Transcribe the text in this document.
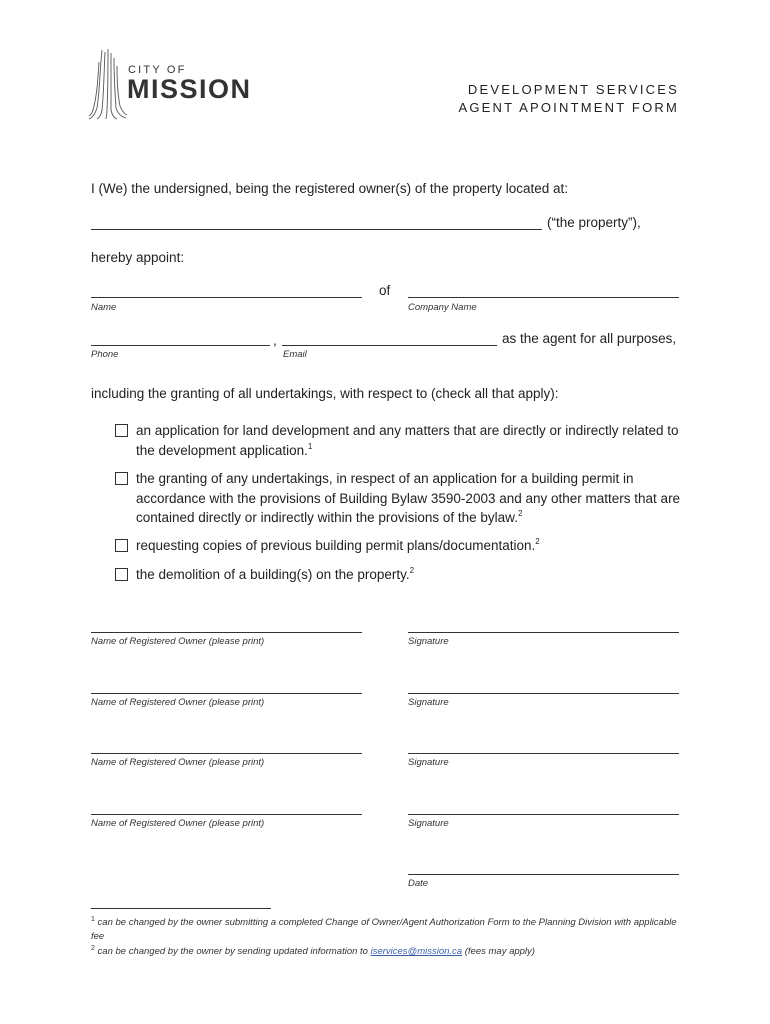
CITY OF
MISSION	DEVELOPMENT SERVICES
AGENT APOINTMENT FORM
I (We) the undersigned, being the registered owner(s) of the property located at:
(“the property”),
hereby appoint:
of
Name	Company Name
,	as the agent for all purposes,
Phone	Email
including the granting of all undertakings, with respect to (check all that apply):
an application for land development and any matters that are directly or indirectly related to the development application.$^1$
the granting of any undertakings, in respect of an application for a building permit in accordance with the provisions of Building Bylaw 3590-2003 and any other matters that are contained directly or indirectly within the provisions of the bylaw.$^2$
requesting copies of previous building permit plans/documentation.$^2$
the demolition of a building(s) on the property.$^2$
Name of Registered Owner (please print)	Signature
Name of Registered Owner (please print)	Signature
Name of Registered Owner (please print)	Signature
Name of Registered Owner (please print)	Signature
Date
$^1$ can be changed by the owner submitting a completed Change of Owner/Agent Authorization Form to the Planning Division with applicable fee
$^2$ can be changed by the owner by sending updated information to iservices@mission.ca (fees may apply)
